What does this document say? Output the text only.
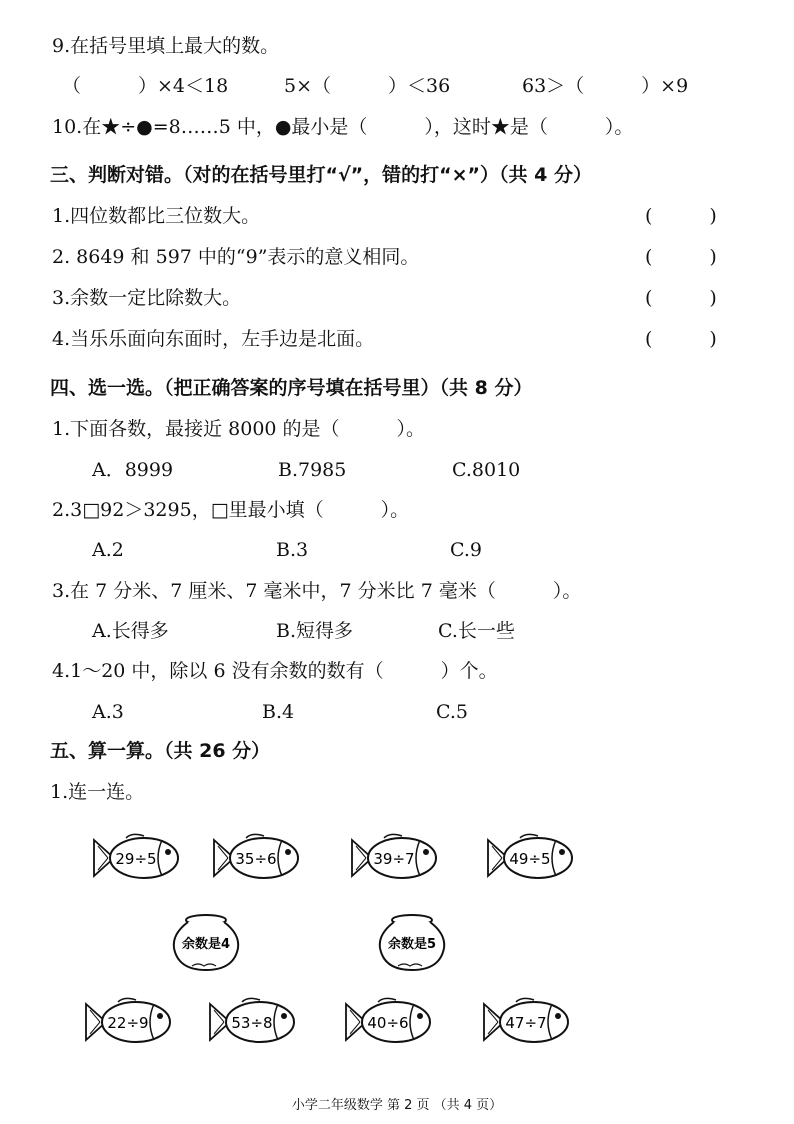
9.在括号里填上最大的数。
（　　　）×4＜18	5×（　　　）＜36	63＞（　　　）×9
10.在★÷●=8……5 中，●最小是（　　　），这时★是（　　　）。
三、判断对错。（对的在括号里打“√”，错的打“×”）（共 4 分）
1.四位数都比三位数大。	(　　　)
2. 8649 和 597 中的“9”表示的意义相同。	(　　　)
3.余数一定比除数大。	(　　　)
4.当乐乐面向东面时，左手边是北面。	(　　　)
四、选一选。（把正确答案的序号填在括号里）（共 8 分）
1.下面各数，最接近 8000 的是（　　　）。
A．8999	B.7985	C.8010
2.3□92＞3295，□里最小填（　　　）。
A.2	B.3	C.9
3.在 7 分米、7 厘米、7 毫米中，7 分米比 7 毫米（　　　）。
A.长得多	B.短得多	C.长一些
4.1～20 中，除以 6 没有余数的数有（　　　）个。
A.3	B.4	C.5
五、算一算。（共 26 分）
1.连一连。
29÷5	35÷6	39÷7	49÷5
余数是4	余数是5
22÷9	53÷8	40÷6	47÷7
小学二年级数学 第 2 页 （共 4 页）
